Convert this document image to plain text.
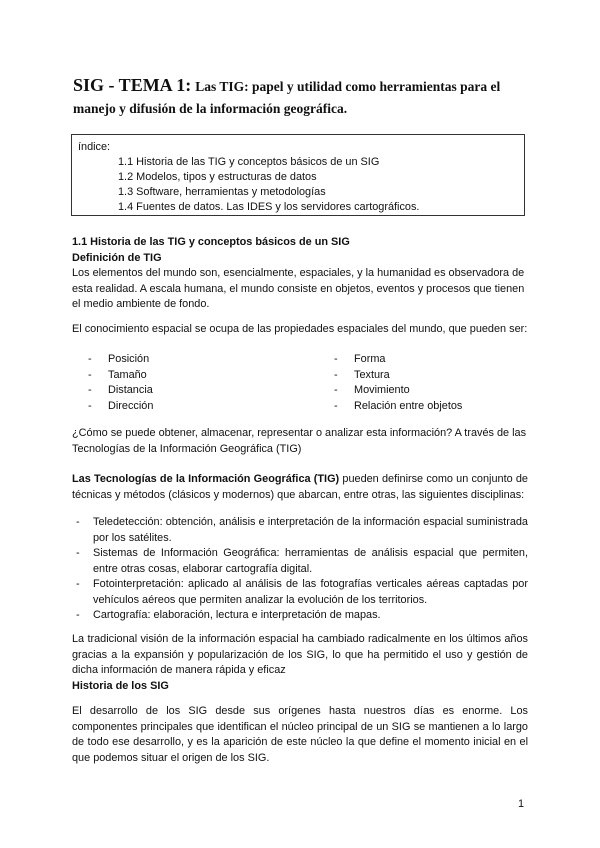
SIG - TEMA 1: Las TIG: papel y utilidad como herramientas para el manejo y difusión de la información geográfica.

índice:

1.1 Historia de las TIG y conceptos básicos de un SIG
1.2 Modelos, tipos y estructuras de datos
1.3 Software, herramientas y metodologías
1.4 Fuentes de datos. Las IDES y los servidores cartográficos.

1.1 Historia de las TIG y conceptos básicos de un SIG

Definición de TIG

Los elementos del mundo son, esencialmente, espaciales, y la humanidad es observadora de esta realidad. A escala humana, el mundo consiste en objetos, eventos y procesos que tienen el medio ambiente de fondo.

El conocimiento espacial se ocupa de las propiedades espaciales del mundo, que pueden ser:

- Posición
- Tamaño
- Distancia
- Dirección
- Forma
- Textura
- Movimiento
- Relación entre objetos

¿Cómo se puede obtener, almacenar, representar o analizar esta información? A través de las Tecnologías de la Información Geográfica (TIG)

Las Tecnologías de la Información Geográfica (TIG) pueden definirse como un conjunto de técnicas y métodos (clásicos y modernos) que abarcan, entre otras, las siguientes disciplinas:

- Teledetección: obtención, análisis e interpretación de la información espacial suministrada por los satélites.
- Sistemas de Información Geográfica: herramientas de análisis espacial que permiten, entre otras cosas, elaborar cartografía digital.
- Fotointerpretación: aplicado al análisis de las fotografías verticales aéreas captadas por vehículos aéreos que permiten analizar la evolución de los territorios.
- Cartografía: elaboración, lectura e interpretación de mapas.

La tradicional visión de la información espacial ha cambiado radicalmente en los últimos años gracias a la expansión y popularización de los SIG, lo que ha permitido el uso y gestión de dicha información de manera rápida y eficaz

Historia de los SIG

El desarrollo de los SIG desde sus orígenes hasta nuestros días es enorme. Los componentes principales que identifican el núcleo principal de un SIG se mantienen a lo largo de todo ese desarrollo, y es la aparición de este núcleo la que define el momento inicial en el que podemos situar el origen de los SIG.

1
